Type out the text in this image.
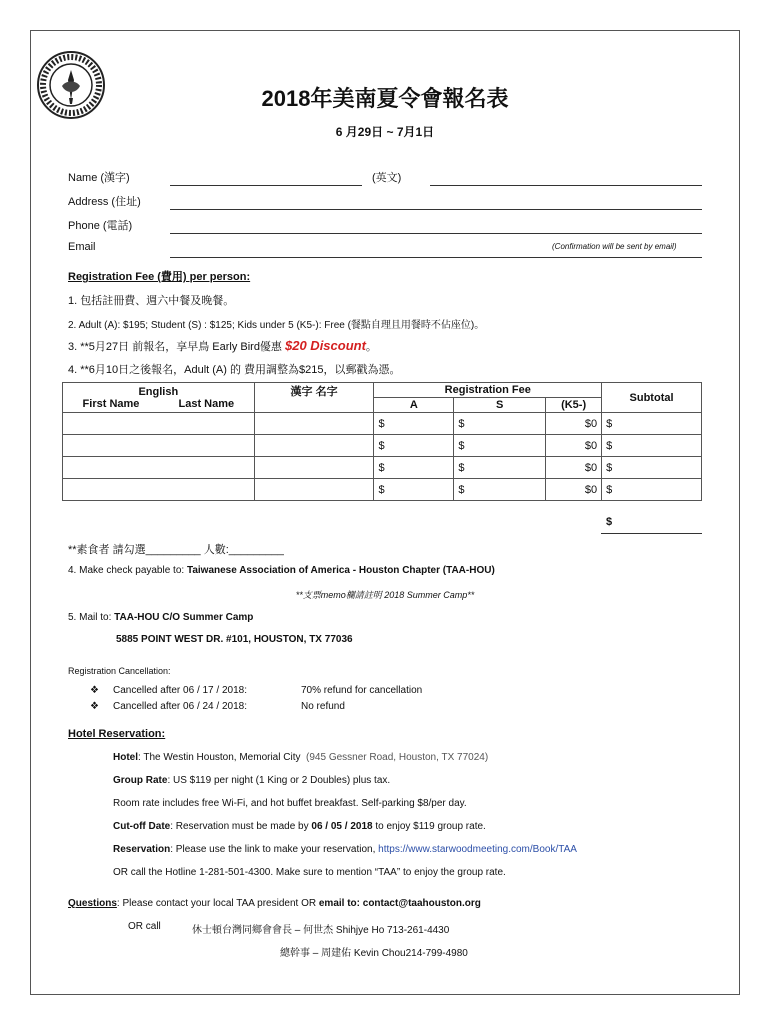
2018年美南夏令會報名表
6 月29日 ~ 7月1日
Name (漢字)	(英文)
Address (住址)
Phone (電話)
Email	(Confirmation will be sent by email)
Registration Fee (費用) per person:
1. 包括註冊費、週六中餐及晚餐。
2. Adult (A): $195; Student (S) : $125; Kids under 5 (K5-): Free (餐點自理且用餐時不佔座位)。
3. **5月27日 前報名，享早鳥 Early Bird優惠 $20 Discount。
4. **6月10日之後報名，Adult (A) 的 費用調整為$215，以郵戳為憑。
English
First Name Last Name	漢字 名字	Registration Fee			Subtotal
		A	S	(K5-)	
		$	$	$0	$
		$	$	$0	$
		$	$	$0	$
		$	$	$0	$
$
**素食者 請勾選_________ 人數:_________
4. Make check payable to: Taiwanese Association of America - Houston Chapter (TAA-HOU)
**支票memo欄請註明 2018 Summer Camp**
5. Mail to: TAA-HOU C/O Summer Camp
5885 POINT WEST DR. #101, HOUSTON, TX 77036
Registration Cancellation:
❖ Cancelled after 06 / 17 / 2018:	70% refund for cancellation
❖ Cancelled after 06 / 24 / 2018:	No refund
Hotel Reservation:
Hotel: The Westin Houston, Memorial City (945 Gessner Road, Houston, TX 77024)
Group Rate: US $119 per night (1 King or 2 Doubles) plus tax.
Room rate includes free Wi-Fi, and hot buffet breakfast. Self-parking $8/per day.
Cut-off Date: Reservation must be made by 06 / 05 / 2018 to enjoy $119 group rate.
Reservation: Please use the link to make your reservation, https://www.starwoodmeeting.com/Book/TAA
OR call the Hotline 1-281-501-4300. Make sure to mention “TAA” to enjoy the group rate.
Questions: Please contact your local TAA president OR email to: contact@taahouston.org
OR call	休士頓台灣同鄉會會長 – 何世杰 Shihjye Ho 713-261-4430
總幹事 – 周建佑 Kevin Chou214-799-4980
